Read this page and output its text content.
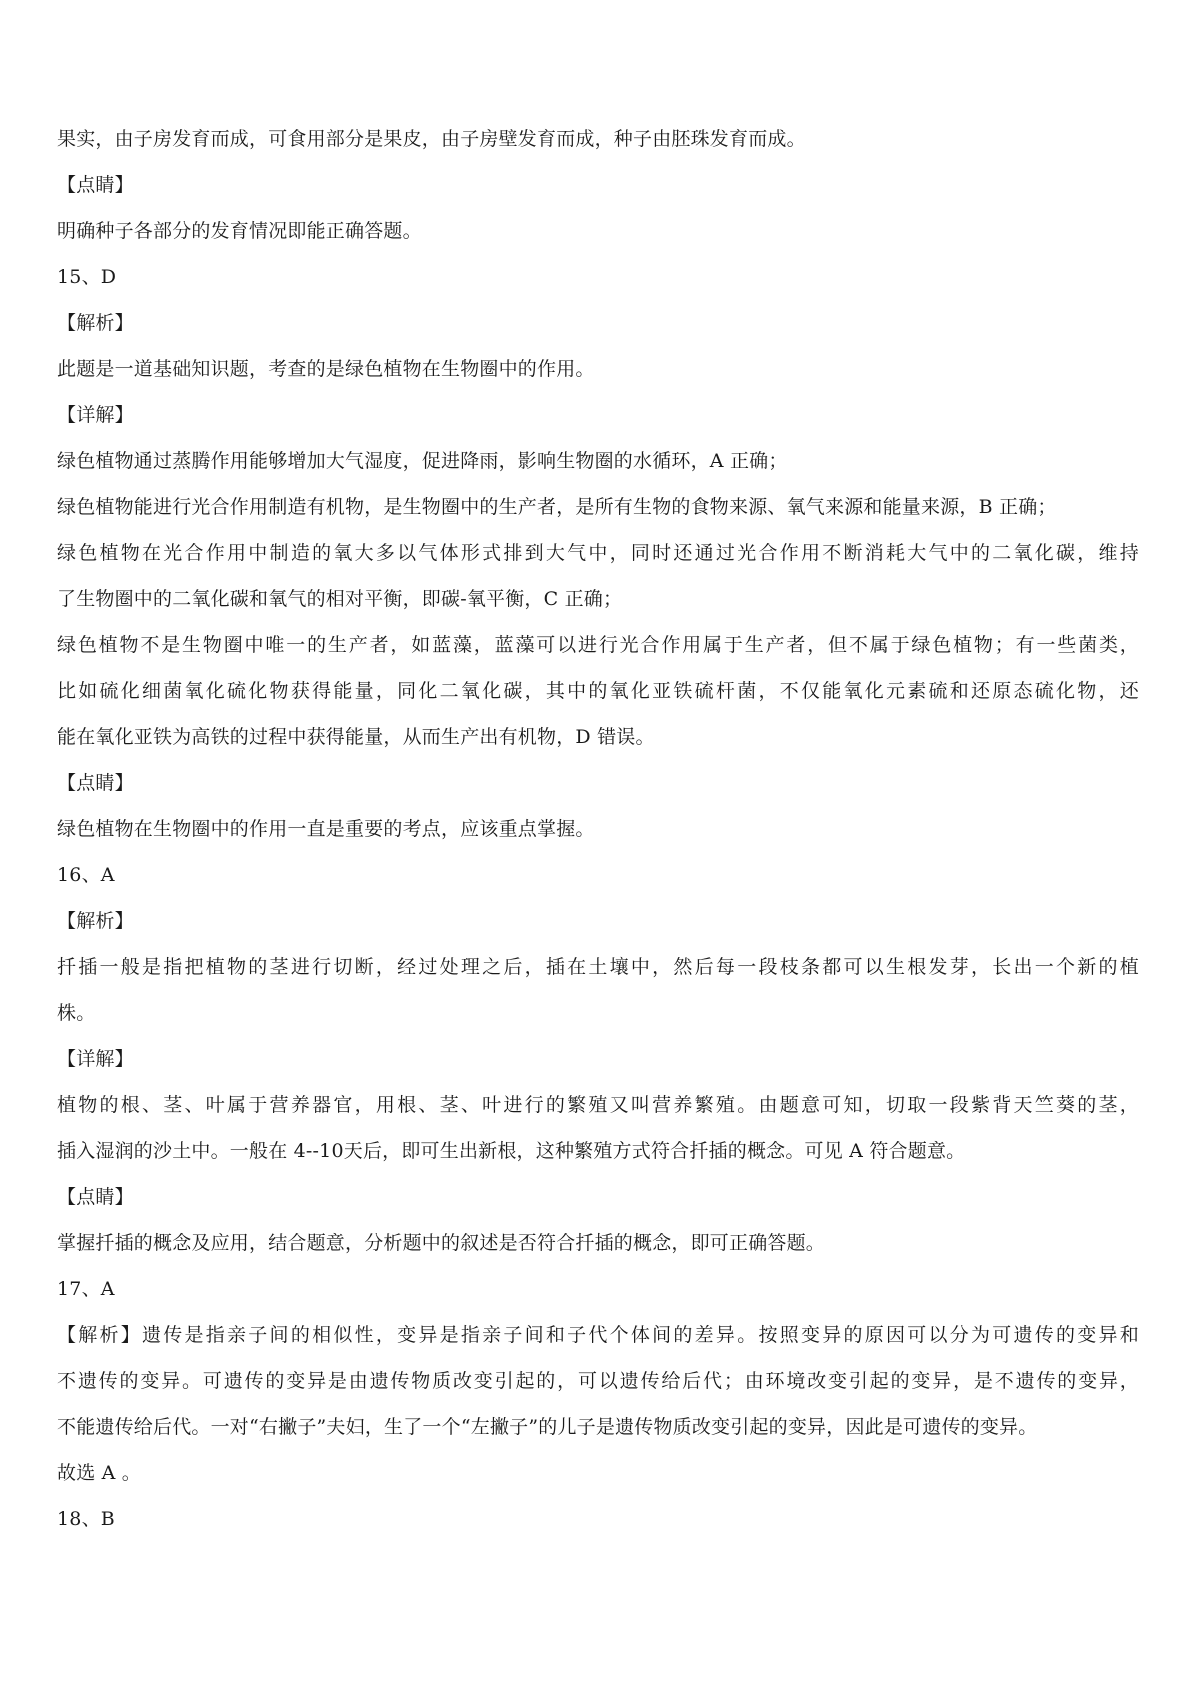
果实，由子房发育而成，可食用部分是果皮，由子房壁发育而成，种子由胚珠发育而成。
【点睛】
明确种子各部分的发育情况即能正确答题。
15、D
【解析】
此题是一道基础知识题，考查的是绿色植物在生物圈中的作用。
【详解】
绿色植物通过蒸腾作用能够增加大气湿度，促进降雨，影响生物圈的水循环，A 正确；
绿色植物能进行光合作用制造有机物，是生物圈中的生产者，是所有生物的食物来源、氧气来源和能量来源，B 正确；
绿色植物在光合作用中制造的氧大多以气体形式排到大气中，同时还通过光合作用不断消耗大气中的二氧化碳，维持
了生物圈中的二氧化碳和氧气的相对平衡，即碳-氧平衡，C 正确；
绿色植物不是生物圈中唯一的生产者，如蓝藻，蓝藻可以进行光合作用属于生产者，但不属于绿色植物；有一些菌类，
比如硫化细菌氧化硫化物获得能量，同化二氧化碳，其中的氧化亚铁硫杆菌，不仅能氧化元素硫和还原态硫化物，还
能在氧化亚铁为高铁的过程中获得能量，从而生产出有机物，D 错误。
【点睛】
绿色植物在生物圈中的作用一直是重要的考点，应该重点掌握。
16、A
【解析】
扦插一般是指把植物的茎进行切断，经过处理之后，插在土壤中，然后每一段枝条都可以生根发芽，长出一个新的植
株。
【详解】
植物的根、茎、叶属于营养器官，用根、茎、叶进行的繁殖又叫营养繁殖。由题意可知，切取一段紫背天竺葵的茎，
插入湿润的沙土中。一般在 4--10天后，即可生出新根，这种繁殖方式符合扦插的概念。可见 A 符合题意。
【点睛】
掌握扦插的概念及应用，结合题意，分析题中的叙述是否符合扦插的概念，即可正确答题。
17、A
【解析】遗传是指亲子间的相似性，变异是指亲子间和子代个体间的差异。按照变异的原因可以分为可遗传的变异和
不遗传的变异。可遗传的变异是由遗传物质改变引起的，可以遗传给后代；由环境改变引起的变异，是不遗传的变异，
不能遗传给后代。一对“右撇子”夫妇，生了一个“左撇子”的儿子是遗传物质改变引起的变异，因此是可遗传的变异。
故选 A 。
18、B
